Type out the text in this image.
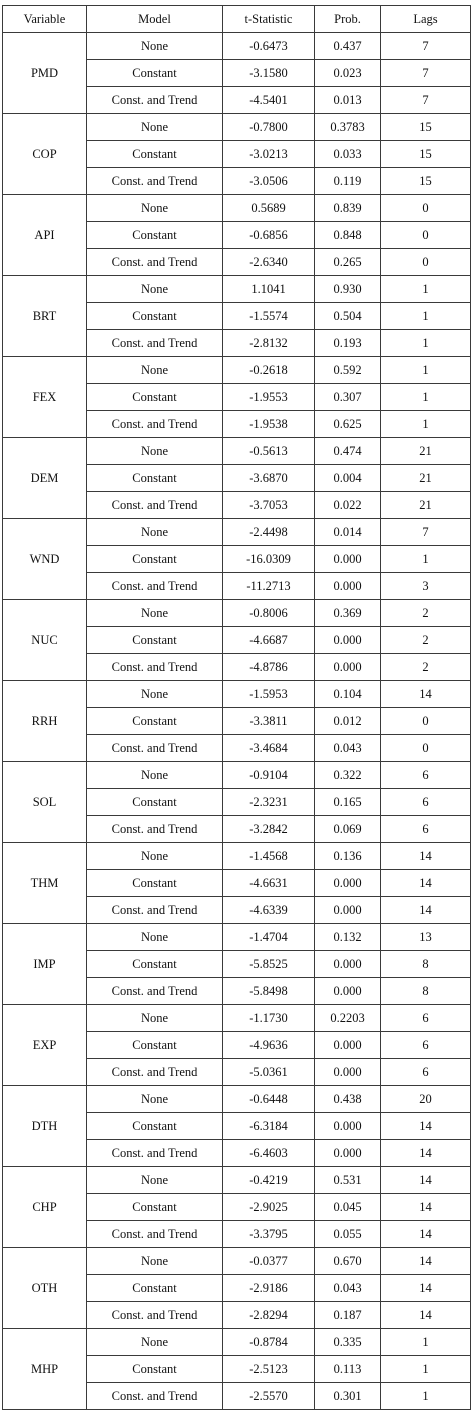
Variable	Model	t-Statistic	Prob.	Lags
PMD	None	-0.6473	0.437	7
	Constant	-3.1580	0.023	7
	Const. and Trend	-4.5401	0.013	7
COP	None	-0.7800	0.3783	15
	Constant	-3.0213	0.033	15
	Const. and Trend	-3.0506	0.119	15
API	None	0.5689	0.839	0
	Constant	-0.6856	0.848	0
	Const. and Trend	-2.6340	0.265	0
BRT	None	1.1041	0.930	1
	Constant	-1.5574	0.504	1
	Const. and Trend	-2.8132	0.193	1
FEX	None	-0.2618	0.592	1
	Constant	-1.9553	0.307	1
	Const. and Trend	-1.9538	0.625	1
DEM	None	-0.5613	0.474	21
	Constant	-3.6870	0.004	21
	Const. and Trend	-3.7053	0.022	21
WND	None	-2.4498	0.014	7
	Constant	-16.0309	0.000	1
	Const. and Trend	-11.2713	0.000	3
NUC	None	-0.8006	0.369	2
	Constant	-4.6687	0.000	2
	Const. and Trend	-4.8786	0.000	2
RRH	None	-1.5953	0.104	14
	Constant	-3.3811	0.012	0
	Const. and Trend	-3.4684	0.043	0
SOL	None	-0.9104	0.322	6
	Constant	-2.3231	0.165	6
	Const. and Trend	-3.2842	0.069	6
THM	None	-1.4568	0.136	14
	Constant	-4.6631	0.000	14
	Const. and Trend	-4.6339	0.000	14
IMP	None	-1.4704	0.132	13
	Constant	-5.8525	0.000	8
	Const. and Trend	-5.8498	0.000	8
EXP	None	-1.1730	0.2203	6
	Constant	-4.9636	0.000	6
	Const. and Trend	-5.0361	0.000	6
DTH	None	-0.6448	0.438	20
	Constant	-6.3184	0.000	14
	Const. and Trend	-6.4603	0.000	14
CHP	None	-0.4219	0.531	14
	Constant	-2.9025	0.045	14
	Const. and Trend	-3.3795	0.055	14
OTH	None	-0.0377	0.670	14
	Constant	-2.9186	0.043	14
	Const. and Trend	-2.8294	0.187	14
MHP	None	-0.8784	0.335	1
	Constant	-2.5123	0.113	1
	Const. and Trend	-2.5570	0.301	1
